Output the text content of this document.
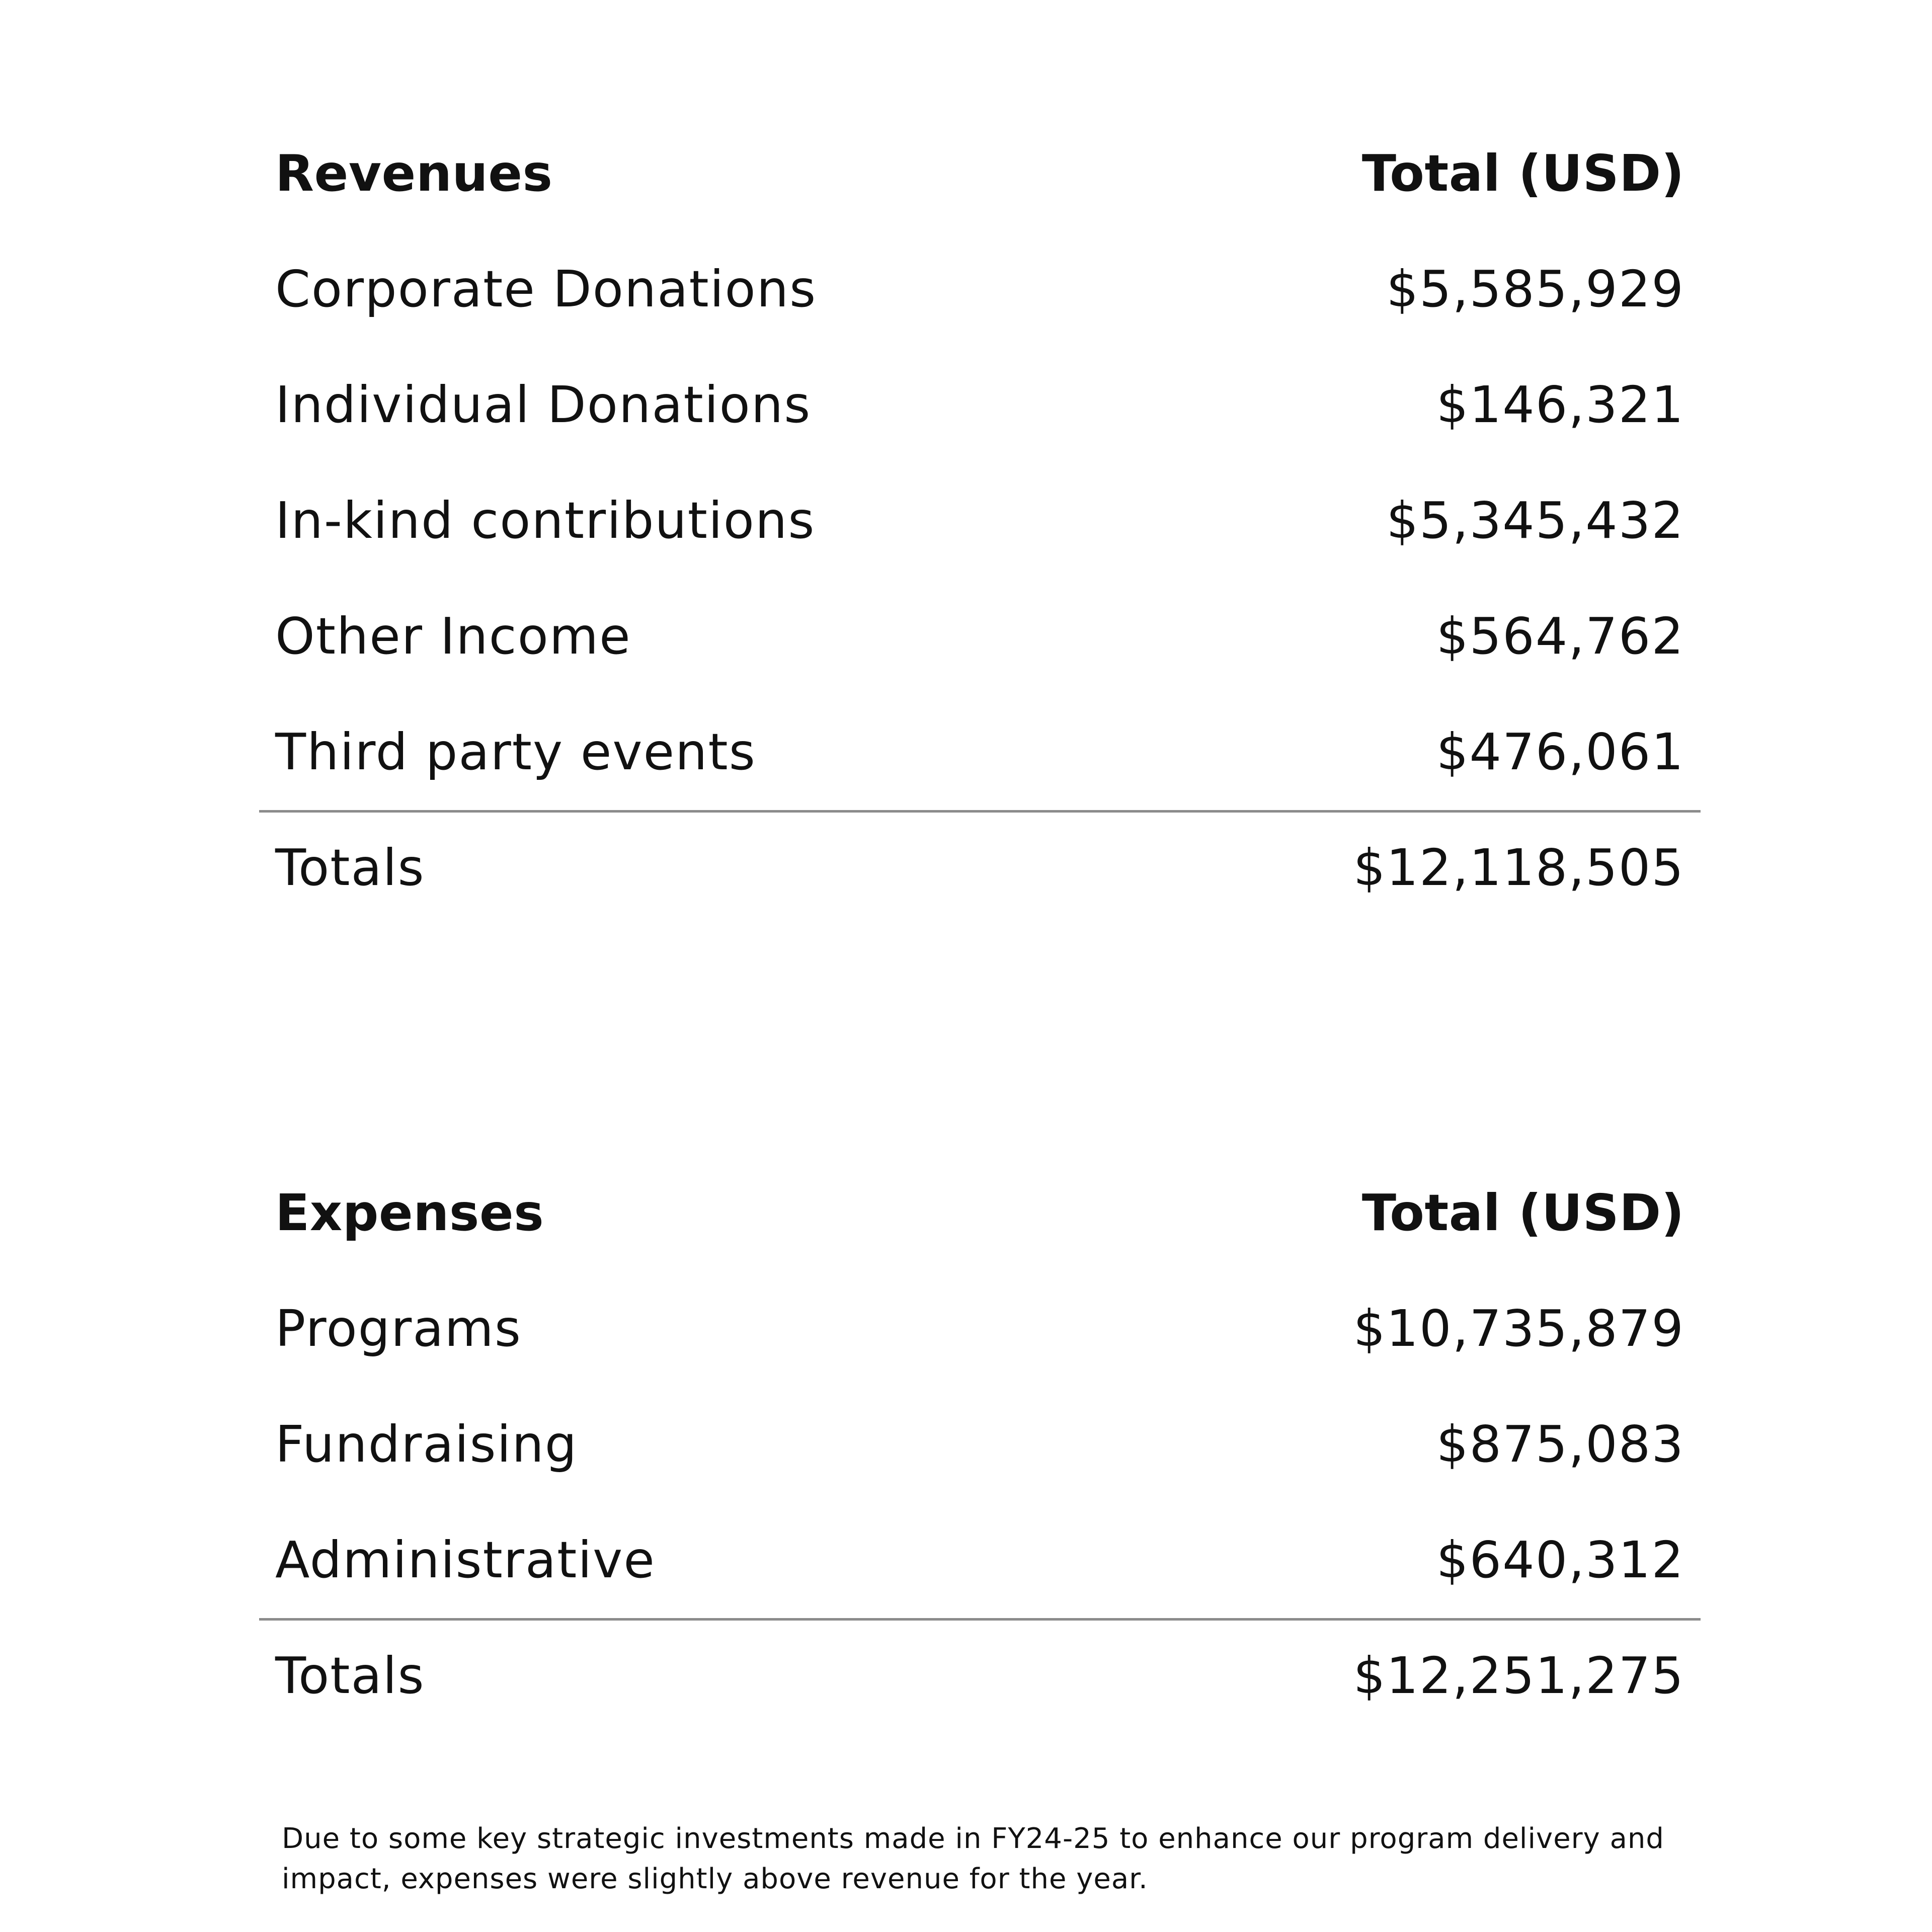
Revenues	Total (USD)
Corporate Donations	$5,585,929
Individual Donations	$146,321
In-kind contributions	$5,345,432
Other Income	$564,762
Third party events	$476,061
Totals	$12,118,505
Expenses	Total (USD)
Programs	$10,735,879
Fundraising	$875,083
Administrative	$640,312
Totals	$12,251,275

Due to some key strategic investments made in FY24-25 to enhance our program delivery and impact, expenses were slightly above revenue for the year.
